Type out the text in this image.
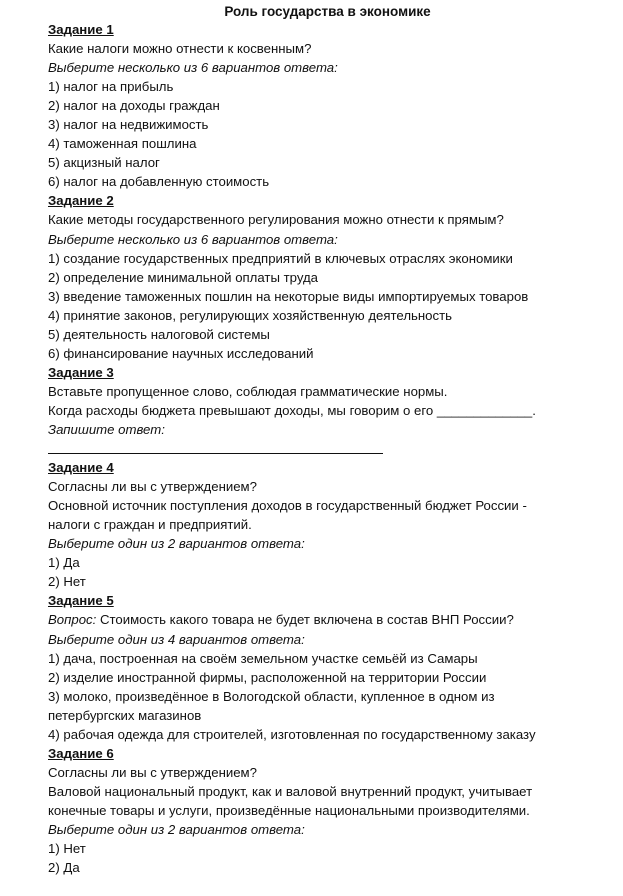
Роль государства в экономике
Задание 1
Какие налоги можно отнести к косвенным?
Выберите несколько из 6 вариантов ответа:
1) налог на прибыль
2) налог на доходы граждан
3) налог на недвижимость
4) таможенная пошлина
5) акцизный налог
6) налог на добавленную стоимость
Задание 2
Какие методы государственного регулирования можно отнести к прямым?
Выберите несколько из 6 вариантов ответа:
1) создание государственных предприятий в ключевых отраслях экономики
2) определение минимальной оплаты труда
3) введение таможенных пошлин на некоторые виды импортируемых товаров
4) принятие законов, регулирующих хозяйственную деятельность
5) деятельность налоговой системы
6) финансирование научных исследований
Задание 3
Вставьте пропущенное слово, соблюдая грамматические нормы.
Когда расходы бюджета превышают доходы, мы говорим о его _____________.
Запишите ответ:
Задание 4
Согласны ли вы с утверждением?
Основной источник поступления доходов в государственный бюджет России -
налоги с граждан и предприятий.
Выберите один из 2 вариантов ответа:
1) Да
2) Нет
Задание 5
Вопрос: Стоимость какого товара не будет включена в состав ВНП России?
Выберите один из 4 вариантов ответа:
1) дача, построенная на своём земельном участке семьёй из Самары
2) изделие иностранной фирмы, расположенной на территории России
3) молоко, произведённое в Вологодской области, купленное в одном из
петербургских магазинов
4) рабочая одежда для строителей, изготовленная по государственному заказу
Задание 6
Согласны ли вы с утверждением?
Валовой национальный продукт, как и валовой внутренний продукт, учитывает
конечные товары и услуги, произведённые национальными производителями.
Выберите один из 2 вариантов ответа:
1) Нет
2) Да
